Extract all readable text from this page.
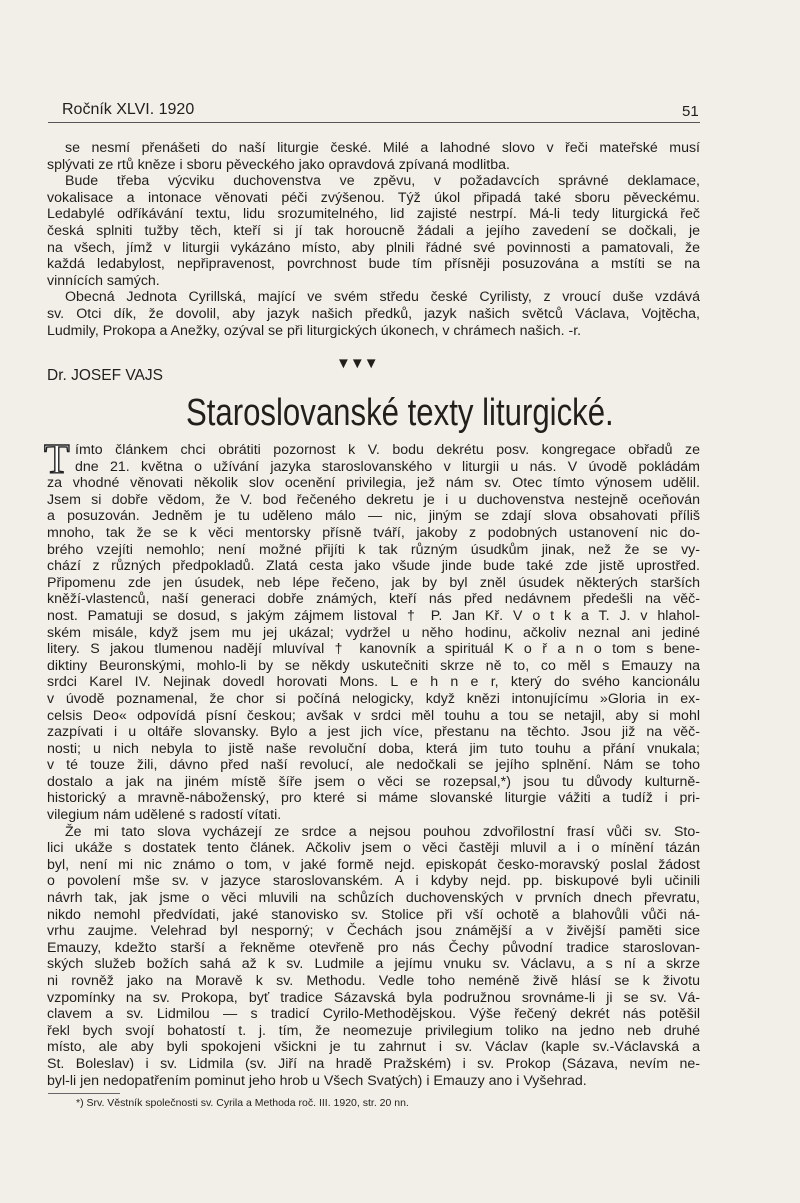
Ročník XLVI. 1920	51
se nesmí přenášeti do naší liturgie české. Milé a lahodné slovo v řeči mateřské musí
splývati ze rtů kněze i sboru pěveckého jako opravdová zpívaná modlitba.
Bude třeba výcviku duchovenstva ve zpěvu, v požadavcích správné deklamace,
vokalisace a intonace věnovati péči zvýšenou. Týž úkol připadá také sboru pěveckému.
Ledabylé odříkávání textu, lidu srozumitelného, lid zajisté nestrpí. Má-li tedy liturgická řeč
česká splniti tužby těch, kteří si jí tak horoucně žádali a jejího zavedení se dočkali, je
na všech, jímž v liturgii vykázáno místo, aby plnili řádné své povinnosti a pamatovali, že
každá ledabylost, nepřipravenost, povrchnost bude tím přísněji posuzována a mstíti se na
vinnících samých.
Obecná Jednota Cyrillská, mající ve svém středu české Cyrilisty, z vroucí duše vzdává
sv. Otci dík, že dovolil, aby jazyk našich předků, jazyk našich světců Václava, Vojtěcha,
Ludmily, Prokopa a Anežky, ozýval se při liturgických úkonech, v chrámech našich. -r.
▼▼▼
Dr. JOSEF VAJS
Staroslovanské texty liturgické.
T ímto článkem chci obrátiti pozornost k V. bodu dekrétu posv. kongregace obřadů ze
dne 21. května o užívání jazyka staroslovanského v liturgii u nás. V úvodě pokládám
za vhodné věnovati několik slov ocenění privilegia, jež nám sv. Otec tímto výnosem udělil.
Jsem si dobře vědom, že V. bod řečeného dekretu je i u duchovenstva nestejně oceňován
a posuzován. Jedněm je tu uděleno málo — nic, jiným se zdají slova obsahovati příliš
mnoho, tak že se k věci mentorsky přísně tváří, jakoby z podobných ustanovení nic do-
brého vzejíti nemohlo; není možné přijíti k tak různým úsudkům jinak, než že se vy-
chází z různých předpokladů. Zlatá cesta jako všude jinde bude také zde jistě uprostřed.
Připomenu zde jen úsudek, neb lépe řečeno, jak by byl zněl úsudek některých starších
kněží-vlastenců, naší generaci dobře známých, kteří nás před nedávnem předešli na věč-
nost. Pamatuji se dosud, s jakým zájmem listoval † P. Jan Kř. V o t k a T. J. v hlahol-
ském misále, když jsem mu jej ukázal; vydržel u něho hodinu, ačkoliv neznal ani jediné
litery. S jakou tlumenou nadějí mluvíval † kanovník a spirituál K o ř a n o tom s bene-
diktiny Beuronskými, mohlo-li by se někdy uskutečniti skrze ně to, co měl s Emauzy na
srdci Karel IV. Nejinak dovedl horovati Mons. L e h n e r, který do svého kancionálu
v úvodě poznamenal, že chor si počíná nelogicky, když knězi intonujícímu »Gloria in ex-
celsis Deo« odpovídá písní českou; avšak v srdci měl touhu a tou se netajil, aby si mohl
zazpívati i u oltáře slovansky. Bylo a jest jich více, přestanu na těchto. Jsou již na věč-
nosti; u nich nebyla to jistě naše revoluční doba, která jim tuto touhu a přání vnukala;
v té touze žili, dávno před naší revolucí, ale nedočkali se jejího splnění. Nám se toho
dostalo a jak na jiném místě šíře jsem o věci se rozepsal,*) jsou tu důvody kulturně-
historický a mravně-náboženský, pro které si máme slovanské liturgie vážiti a tudíž i pri-
vilegium nám udělené s radostí vítati.
Že mi tato slova vycházejí ze srdce a nejsou pouhou zdvořilostní frasí vůči sv. Sto-
lici ukáže s dostatek tento článek. Ačkoliv jsem o věci častěji mluvil a i o mínění tázán
byl, není mi nic známo o tom, v jaké formě nejd. episkopát česko-moravský poslal žádost
o povolení mše sv. v jazyce staroslovanském. A i kdyby nejd. pp. biskupové byli učinili
návrh tak, jak jsme o věci mluvili na schůzích duchovenských v prvních dnech převratu,
nikdo nemohl předvídati, jaké stanovisko sv. Stolice při vší ochotě a blahovůli vůči ná-
vrhu zaujme. Velehrad byl nesporný; v Čechách jsou známější a v živější paměti sice
Emauzy, kdežto starší a řekněme otevřeně pro nás Čechy původní tradice staroslovan-
ských služeb božích sahá až k sv. Ludmile a jejímu vnuku sv. Václavu, a s ní a skrze
ni rovněž jako na Moravě k sv. Methodu. Vedle toho neméně živě hlásí se k životu
vzpomínky na sv. Prokopa, byť tradice Sázavská byla podružnou srovnáme-li ji se sv. Vá-
clavem a sv. Lidmilou — s tradicí Cyrilo-Methodějskou. Výše řečený dekrét nás potěšil
řekl bych svojí bohatostí t. j. tím, že neomezuje privilegium toliko na jedno neb druhé
místo, ale aby byli spokojeni všickni je tu zahrnut i sv. Václav (kaple sv.-Václavská a
St. Boleslav) i sv. Lidmila (sv. Jiří na hradě Pražském) i sv. Prokop (Sázava, nevím ne-
byl-li jen nedopatřením pominut jeho hrob u Všech Svatých) i Emauzy ano i Vyšehrad.
*) Srv. Věstník společnosti sv. Cyrila a Methoda roč. III. 1920, str. 20 nn.
